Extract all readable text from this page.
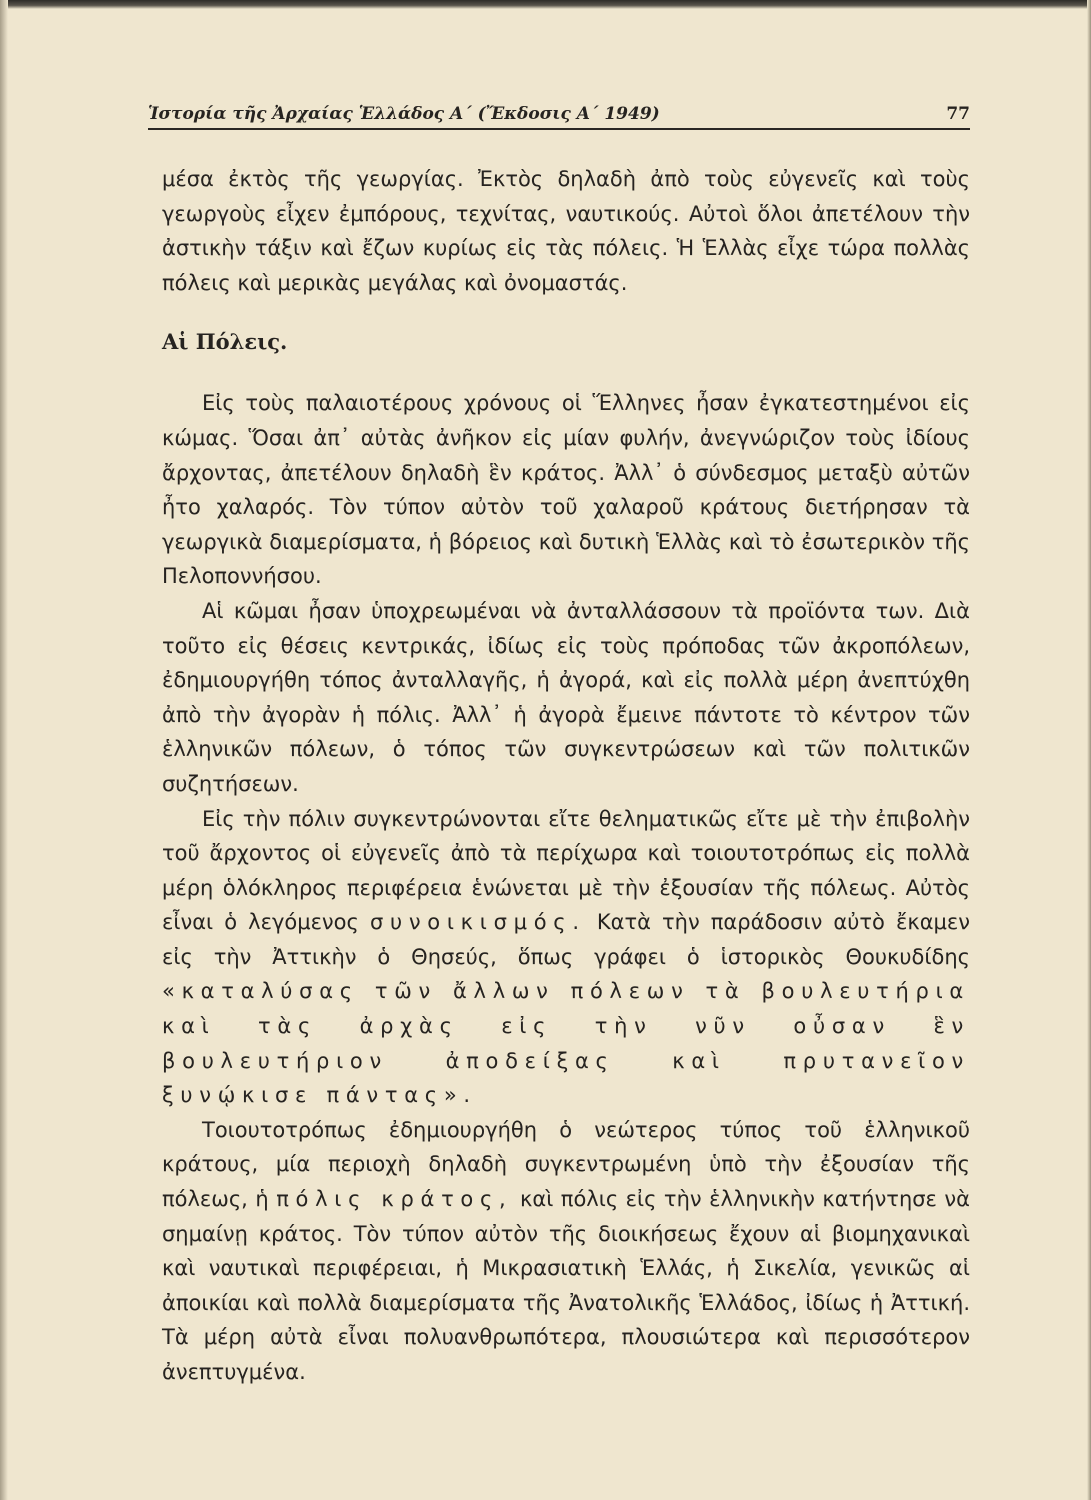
Ἱστορία τῆς Ἀρχαίας Ἑλλάδος Α΄ (Ἔκδοσις Α΄ 1949)	77

μέσα ἐκτὸς τῆς γεωργίας. Ἐκτὸς δηλαδὴ ἀπὸ τοὺς εὐγενεῖς καὶ τοὺς γεωργοὺς εἶχεν ἐμπόρους, τεχνίτας, ναυτικούς. Αὐτοὶ ὅλοι ἀπετέλουν τὴν ἀστικὴν τάξιν καὶ ἔζων κυρίως εἰς τὰς πόλεις. Ἡ Ἑλλὰς εἶχε τώρα πολλὰς πόλεις καὶ μερικὰς μεγάλας καὶ ὀνομαστάς.

Αἱ Πόλεις.

Εἰς τοὺς παλαιοτέρους χρόνους οἱ Ἕλληνες ἦσαν ἐγκατεστημένοι εἰς κώμας. Ὅσαι ἀπ᾿ αὐτὰς ἀνῆκον εἰς μίαν φυλήν, ἀνεγνώριζον τοὺς ἰδίους ἄρχοντας, ἀπετέλουν δηλαδὴ ἓν κράτος. Ἀλλ᾿ ὁ σύνδεσμος μεταξὺ αὐτῶν ἦτο χαλαρός. Τὸν τύπον αὐτὸν τοῦ χαλαροῦ κράτους διετήρησαν τὰ γεωργικὰ διαμερίσματα, ἡ βόρειος καὶ δυτικὴ Ἑλλὰς καὶ τὸ ἐσωτερικὸν τῆς Πελοποννήσου.

Αἱ κῶμαι ἦσαν ὑποχρεωμέναι νὰ ἀνταλλάσσουν τὰ προϊόντα των. Διὰ τοῦτο εἰς θέσεις κεντρικάς, ἰδίως εἰς τοὺς πρόποδας τῶν ἀκροπόλεων, ἐδημιουργήθη τόπος ἀνταλλαγῆς, ἡ ἀγορά, καὶ εἰς πολλὰ μέρη ἀνεπτύχθη ἀπὸ τὴν ἀγορὰν ἡ πόλις. Ἀλλ᾿ ἡ ἀγορὰ ἔμεινε πάντοτε τὸ κέντρον τῶν ἑλληνικῶν πόλεων, ὁ τόπος τῶν συγκεντρώσεων καὶ τῶν πολιτικῶν συζητήσεων.

Εἰς τὴν πόλιν συγκεντρώνονται εἴτε θεληματικῶς εἴτε μὲ τὴν ἐπιβολὴν τοῦ ἄρχοντος οἱ εὐγενεῖς ἀπὸ τὰ περίχωρα καὶ τοιουτοτρόπως εἰς πολλὰ μέρη ὁλόκληρος περιφέρεια ἑνώνεται μὲ τὴν ἐξουσίαν τῆς πόλεως. Αὐτὸς εἶναι ὁ λεγόμενος συνοικισμός. Κατὰ τὴν παράδοσιν αὐτὸ ἔκαμεν εἰς τὴν Ἀττικὴν ὁ Θησεύς, ὅπως γράφει ὁ ἱστορικὸς Θουκυδίδης «καταλύσας τῶν ἄλλων πόλεων τὰ βουλευτήρια καὶ τὰς ἀρχὰς εἰς τὴν νῦν οὖσαν ἓν βουλευτήριον ἀποδείξας καὶ πρυτανεῖον ξυνῴκισε πάντας».

Τοιουτοτρόπως ἐδημιουργήθη ὁ νεώτερος τύπος τοῦ ἑλληνικοῦ κράτους, μία περιοχὴ δηλαδὴ συγκεντρωμένη ὑπὸ τὴν ἐξουσίαν τῆς πόλεως, ἡ πόλις κράτος, καὶ πόλις εἰς τὴν ἑλληνικὴν κατήντησε νὰ σημαίνῃ κράτος. Τὸν τύπον αὐτὸν τῆς διοικήσεως ἔχουν αἱ βιομηχανικαὶ καὶ ναυτικαὶ περιφέρειαι, ἡ Μικρασιατικὴ Ἑλλάς, ἡ Σικελία, γενικῶς αἱ ἀποικίαι καὶ πολλὰ διαμερίσματα τῆς Ἀνατολικῆς Ἑλλάδος, ἰδίως ἡ Ἀττική. Τὰ μέρη αὐτὰ εἶναι πολυανθρωπότερα, πλουσιώτερα καὶ περισσότερον ἀνεπτυγμένα.
